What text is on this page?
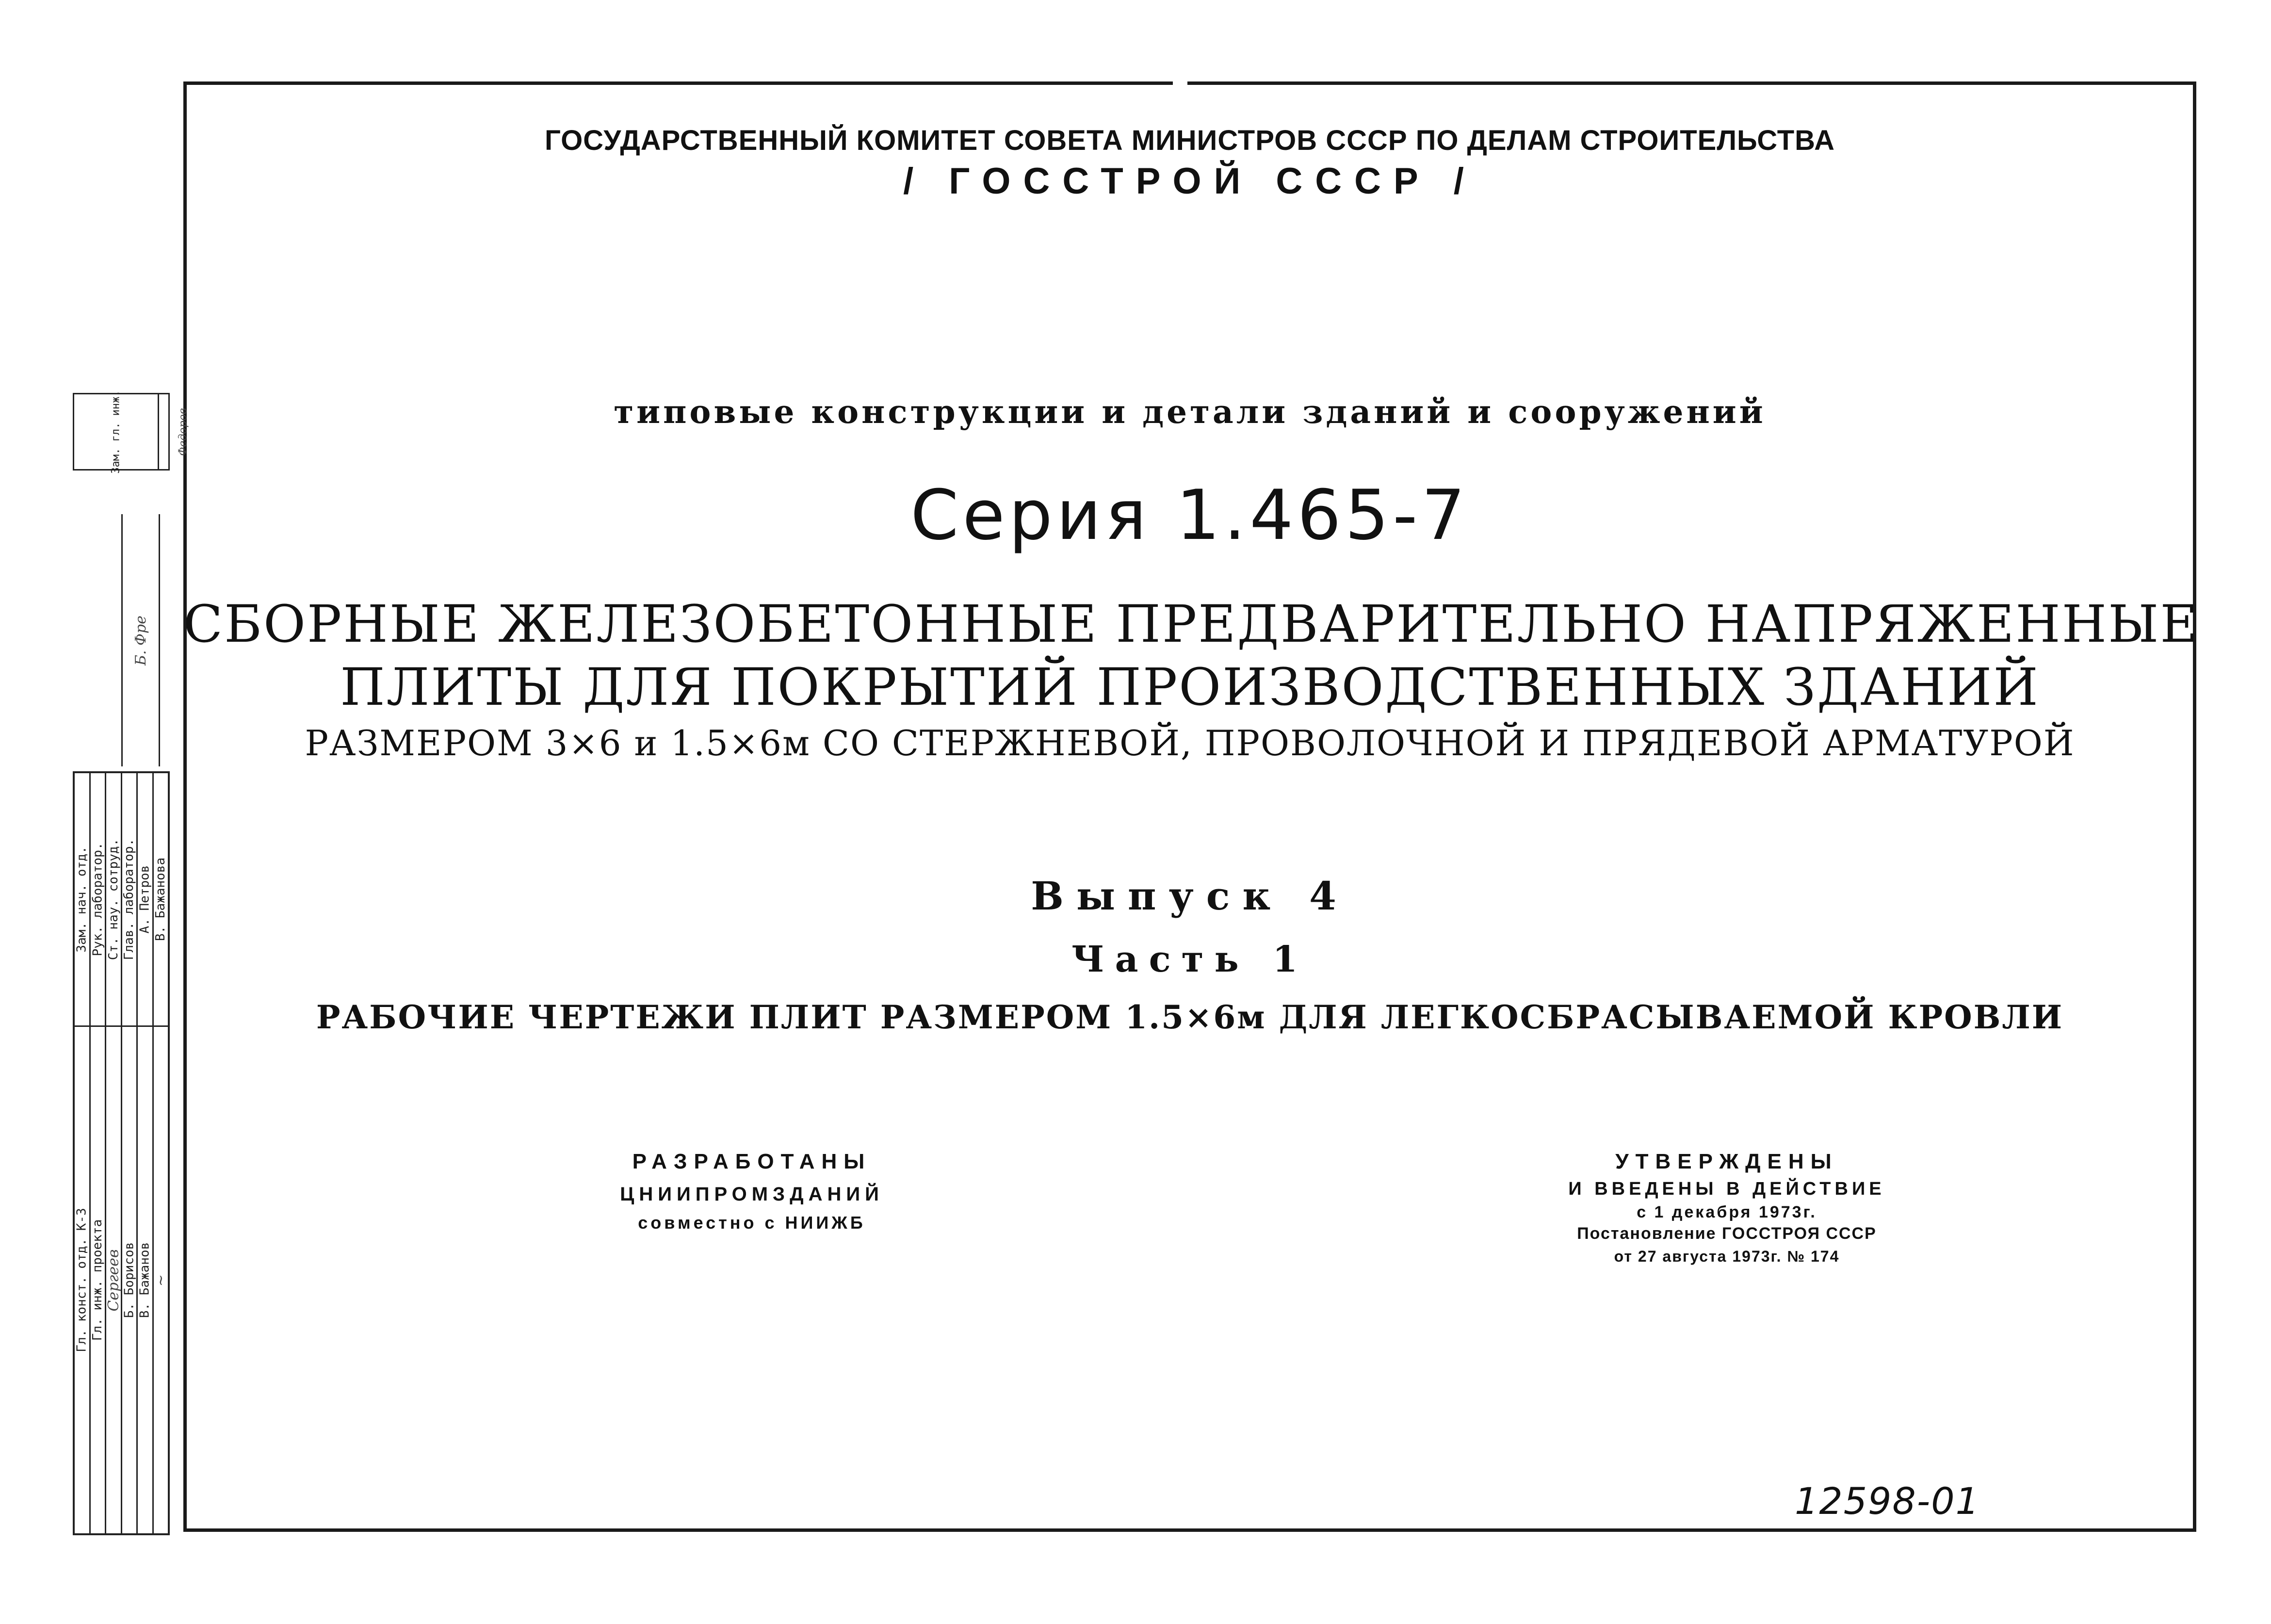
ГОСУДАРСТВЕННЫЙ КОМИТЕТ СОВЕТА МИНИСТРОВ СССР ПО ДЕЛАМ СТРОИТЕЛЬСТВА
/ ГОССТРОЙ СССР /
типовые конструкции и детали зданий и сооружений
Серия 1.465-7
СБОРНЫЕ ЖЕЛЕЗОБЕТОННЫЕ ПРЕДВАРИТЕЛЬНО НАПРЯЖЕННЫЕ
ПЛИТЫ ДЛЯ ПОКРЫТИЙ ПРОИЗВОДСТВЕННЫХ ЗДАНИЙ
РАЗМЕРОМ 3×6 и 1.5×6м СО СТЕРЖНЕВОЙ, ПРОВОЛОЧНОЙ И ПРЯДЕВОЙ АРМАТУРОЙ
Выпуск 4
Часть 1
РАБОЧИЕ ЧЕРТЕЖИ ПЛИТ РАЗМЕРОМ 1.5×6м ДЛЯ ЛЕГКОСБРАСЫВАЕМОЙ КРОВЛИ
РАЗРАБОТАНЫ
ЦНИИПРОМЗДАНИЙ
совместно с НИИЖБ
УТВЕРЖДЕНЫ
И ВВЕДЕНЫ В ДЕЙСТВИЕ
с 1 декабря 1973г.
Постановление ГОССТРОЯ СССР
от 27 августа 1973г. № 174
12598-01
Зам. гл. инж.	Федоров
Б. Фре
Зам. нач. отд.
Гл. конст. отд. К-3
Рук. лаборатор.
Гл. инж. проекта
Ст. нау. сотруд.
Сергеев
Глав. лаборатор.
Б. Борисов
А. Петров
В. Бажанов
В. Бажанова
~
